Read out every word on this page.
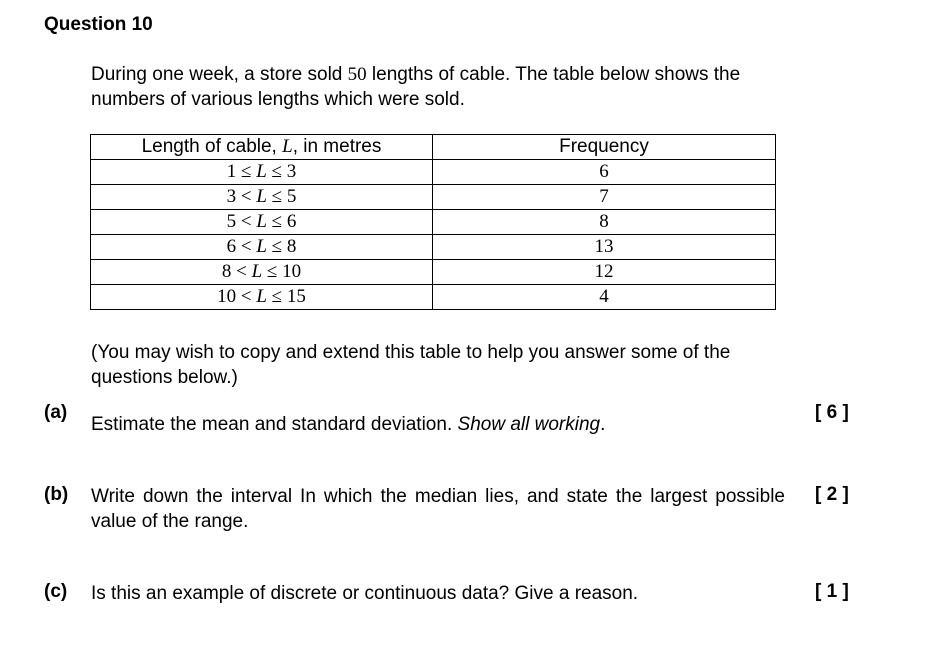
Question 10
During one week, a store sold 50 lengths of cable. The table below shows the numbers of various lengths which were sold.
Length of cable, L, in metres	Frequency
1 ≤ L ≤ 3	6
3 < L ≤ 5	7
5 < L ≤ 6	8
6 < L ≤ 8	13
8 < L ≤ 10	12
10 < L ≤ 15	4
(You may wish to copy and extend this table to help you answer some of the questions below.)
(a)
Estimate the mean and standard deviation. Show all working.
[ 6 ]
(b) Write down the interval In which the median lies, and state the largest possible value of the range.
[ 2 ]
(c) Is this an example of discrete or continuous data? Give a reason.	[ 1 ]
